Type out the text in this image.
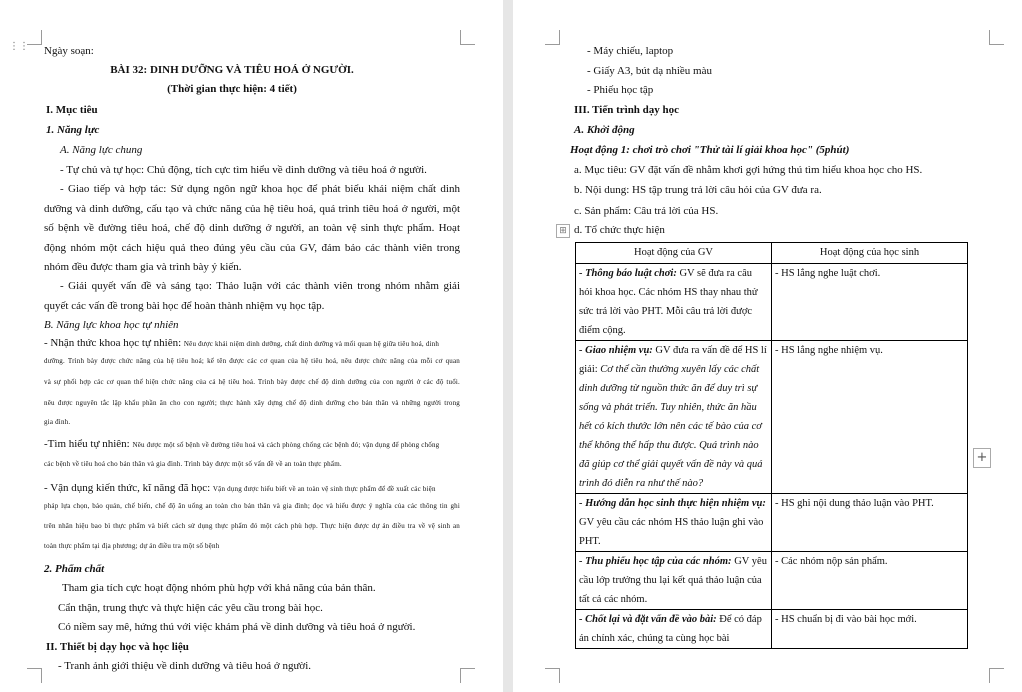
⋮⋮ Ngày soạn:
BÀI 32: DINH DƯỠNG VÀ TIÊU HOÁ Ở NGƯỜI.
(Thời gian thực hiện: 4 tiết)
I. Mục tiêu
1. Năng lực
A. Năng lực chung
- Tự chủ và tự học: Chủ động, tích cực tìm hiểu về dinh dưỡng và tiêu hoá ở người.
- Giao tiếp và hợp tác: Sử dụng ngôn ngữ khoa học để phát biểu khái niệm chất dinh
dưỡng và dinh dưỡng, cấu tạo và chức năng của hệ tiêu hoá, quá trình tiêu hoá ở người, một
số bệnh về đường tiêu hoá, chế độ dinh dưỡng ở người, an toàn vệ sinh thực phẩm. Hoạt
động nhóm một cách hiệu quả theo đúng yêu cầu của GV, đảm bảo các thành viên trong
nhóm đều được tham gia và trình bày ý kiến.
- Giải quyết vấn đề và sáng tạo: Thảo luận với các thành viên trong nhóm nhằm giải
quyết các vấn đề trong bài học để hoàn thành nhiệm vụ học tập.
B. Năng lực khoa học tự nhiên
- Nhận thức khoa học tự nhiên: Nêu được khái niệm dinh dưỡng, chất dinh dưỡng và mối quan hệ giữa tiêu hoá, dinh
dưỡng. Trình bày được chức năng của hệ tiêu hoá; kể tên được các cơ quan của hệ tiêu hoá, nêu được chức năng của mỗi cơ quan
và sự phối hợp các cơ quan thể hiện chức năng của cả hệ tiêu hoá. Trình bày được chế độ dinh dưỡng của con người ở các độ tuổi.
nêu được nguyên tắc lập khẩu phần ăn cho con người; thực hành xây dựng chế độ dinh dưỡng cho bản thân và những người trong
gia đình.
-Tìm hiểu tự nhiên: Nêu được một số bệnh về đường tiêu hoá và cách phòng chống các bệnh đó; vận dụng để phòng chống
các bệnh về tiêu hoá cho bản thân và gia đình. Trình bày được một số vấn đề về an toàn thực phẩm.
- Vận dụng kiến thức, kĩ năng đã học: Vận dụng được hiểu biết về an toàn vệ sinh thực phẩm để đề xuất các biện
pháp lựa chọn, bảo quản, chế biến, chế độ ăn uống an toàn cho bản thân và gia đình; đọc và hiểu được ý nghĩa của các thông tin ghi
trên nhãn hiệu bao bì thực phẩm và biết cách sử dụng thực phẩm đó một cách phù hợp. Thực hiện được dự án điều tra về vệ sinh an
toàn thực phẩm tại địa phương; dự án điều tra một số bệnh
2. Phẩm chất
Tham gia tích cực hoạt động nhóm phù hợp với khả năng của bản thân.
Cẩn thận, trung thực và thực hiện các yêu cầu trong bài học.
Có niềm say mê, hứng thú với việc khám phá về dinh dưỡng và tiêu hoá ở người.
II. Thiết bị dạy học và học liệu
- Tranh ảnh giới thiệu về dinh dưỡng và tiêu hoá ở người.
- Máy chiếu, laptop
- Giấy A3, bút dạ nhiều màu
- Phiếu học tập
III. Tiến trình dạy học
A. Khởi động
Hoạt động 1: chơi trò chơi "Thử tài lí giải khoa học" (5phút)
a. Mục tiêu: GV đặt vấn đề nhằm khơi gợi hứng thú tìm hiểu khoa học cho HS.
b. Nội dung: HS tập trung trả lời câu hỏi của GV đưa ra.
c. Sản phẩm: Câu trả lời của HS.
d. Tổ chức thực hiện
⊞
Hoạt động của GV	Hoạt động của học sinh
- Thông báo luật chơi: GV sẽ đưa ra câu hỏi khoa học. Các nhóm HS thay nhau thử sức trả lời vào PHT. Mỗi câu trả lời được điểm cộng.	- HS lắng nghe luật chơi.
- Giao nhiệm vụ: GV đưa ra vấn đề để HS lí giải: Cơ thể cần thường xuyên lấy các chất dinh dưỡng từ nguồn thức ăn để duy trì sự sống và phát triển. Tuy nhiên, thức ăn hầu hết có kích thước lớn nên các tế bào của cơ thể không thể hấp thu được. Quá trình nào đã giúp cơ thể giải quyết vấn đề này và quá trình đó diễn ra như thế nào?	- HS lắng nghe nhiệm vụ.
- Hướng dẫn học sinh thực hiện nhiệm vụ: GV yêu cầu các nhóm HS thảo luận ghi vào PHT.	- HS ghi nội dung thảo luận vào PHT.
- Thu phiếu học tập của các nhóm: GV yêu cầu lớp trưởng thu lại kết quả thảo luận của tất cả các nhóm.	- Các nhóm nộp sản phẩm.
- Chốt lại và đặt vấn đề vào bài: Để có đáp án chính xác, chúng ta cùng học bài	- HS chuẩn bị đi vào bài học mới.
+
